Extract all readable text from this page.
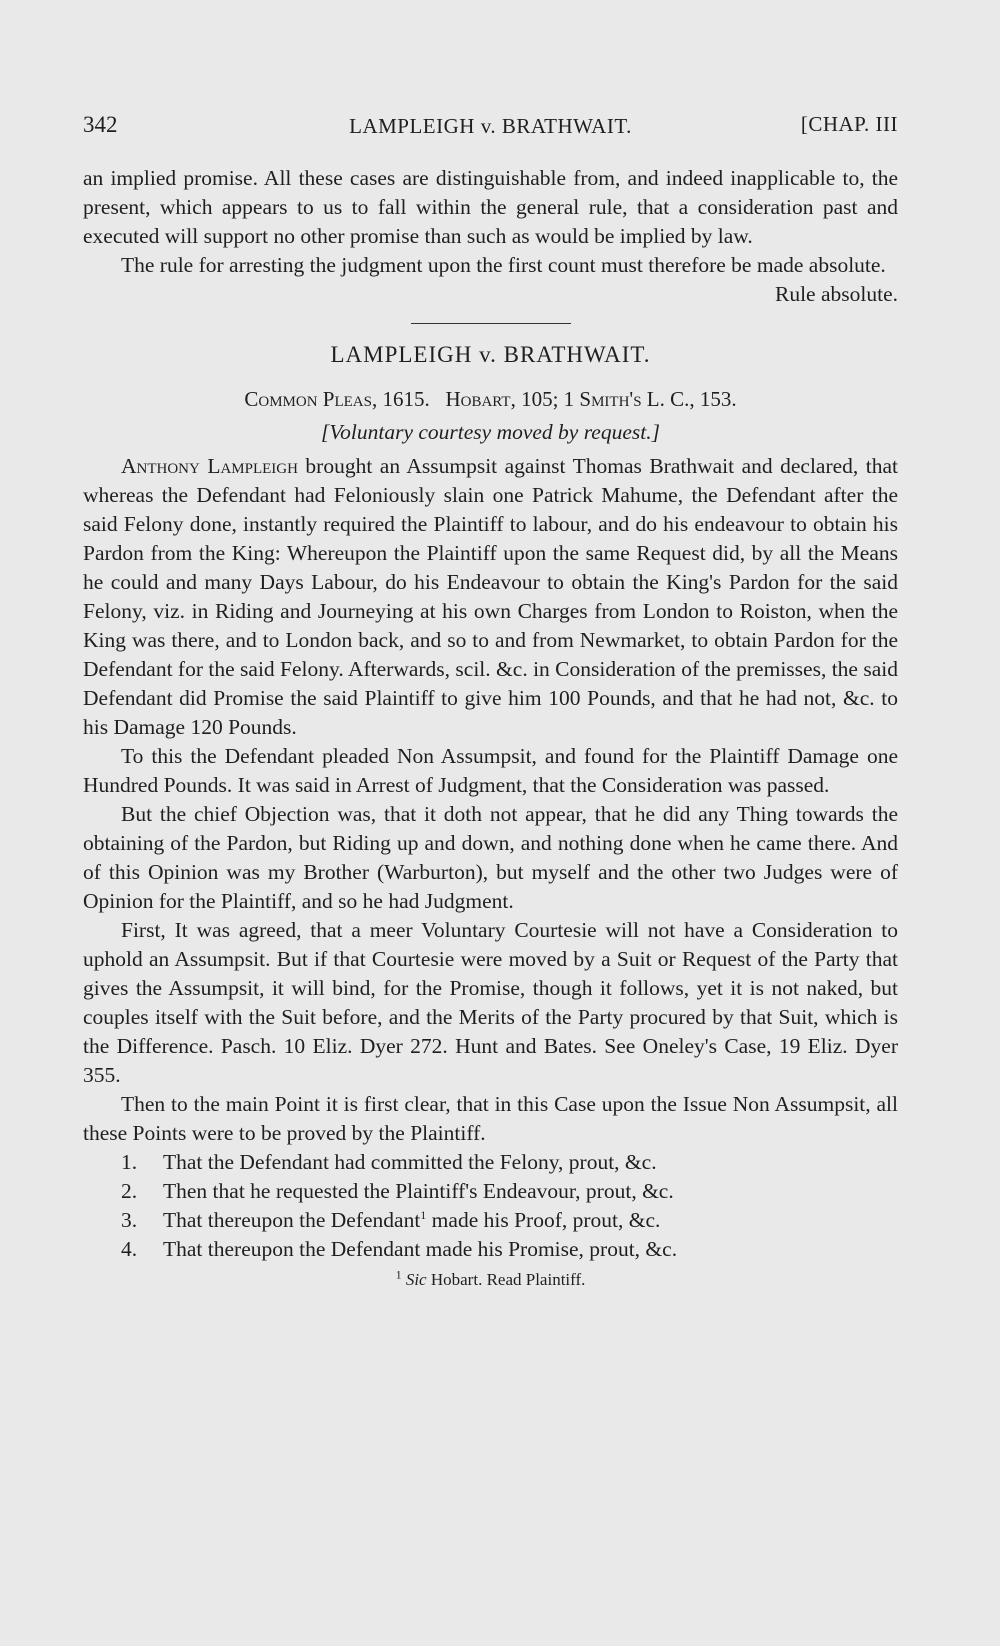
342	LAMPLEIGH v. BRATHWAIT.	[CHAP. III

an implied promise. All these cases are distinguishable from, and indeed inapplicable to, the present, which appears to us to fall within the general rule, that a consideration past and executed will support no other promise than such as would be implied by law.

The rule for arresting the judgment upon the first count must therefore be made absolute.

Rule absolute.

LAMPLEIGH v. BRATHWAIT.
Common Pleas, 1615. Hobart, 105; 1 Smith's L. C., 153.
[Voluntary courtesy moved by request.]

Anthony Lampleigh brought an Assumpsit against Thomas Brathwait and declared, that whereas the Defendant had Feloniously slain one Patrick Mahume, the Defendant after the said Felony done, instantly required the Plaintiff to labour, and do his endeavour to obtain his Pardon from the King: Whereupon the Plaintiff upon the same Request did, by all the Means he could and many Days Labour, do his Endeavour to obtain the King's Pardon for the said Felony, viz. in Riding and Journeying at his own Charges from London to Roiston, when the King was there, and to London back, and so to and from Newmarket, to obtain Pardon for the Defendant for the said Felony. Afterwards, scil. &c. in Consideration of the premisses, the said Defendant did Promise the said Plaintiff to give him 100 Pounds, and that he had not, &c. to his Damage 120 Pounds.

To this the Defendant pleaded Non Assumpsit, and found for the Plaintiff Damage one Hundred Pounds. It was said in Arrest of Judgment, that the Consideration was passed.

But the chief Objection was, that it doth not appear, that he did any Thing towards the obtaining of the Pardon, but Riding up and down, and nothing done when he came there. And of this Opinion was my Brother (Warburton), but myself and the other two Judges were of Opinion for the Plaintiff, and so he had Judgment.

First, It was agreed, that a meer Voluntary Courtesie will not have a Consideration to uphold an Assumpsit. But if that Courtesie were moved by a Suit or Request of the Party that gives the Assumpsit, it will bind, for the Promise, though it follows, yet it is not naked, but couples itself with the Suit before, and the Merits of the Party procured by that Suit, which is the Difference. Pasch. 10 Eliz. Dyer 272. Hunt and Bates. See Oneley's Case, 19 Eliz. Dyer 355.

Then to the main Point it is first clear, that in this Case upon the Issue Non Assumpsit, all these Points were to be proved by the Plaintiff.

1. That the Defendant had committed the Felony, prout, &c.

2. Then that he requested the Plaintiff's Endeavour, prout, &c.

3. That thereupon the Defendant$^1$ made his Proof, prout, &c.

4. That thereupon the Defendant made his Promise, prout, &c.

$^1$ Sic Hobart. Read Plaintiff.
